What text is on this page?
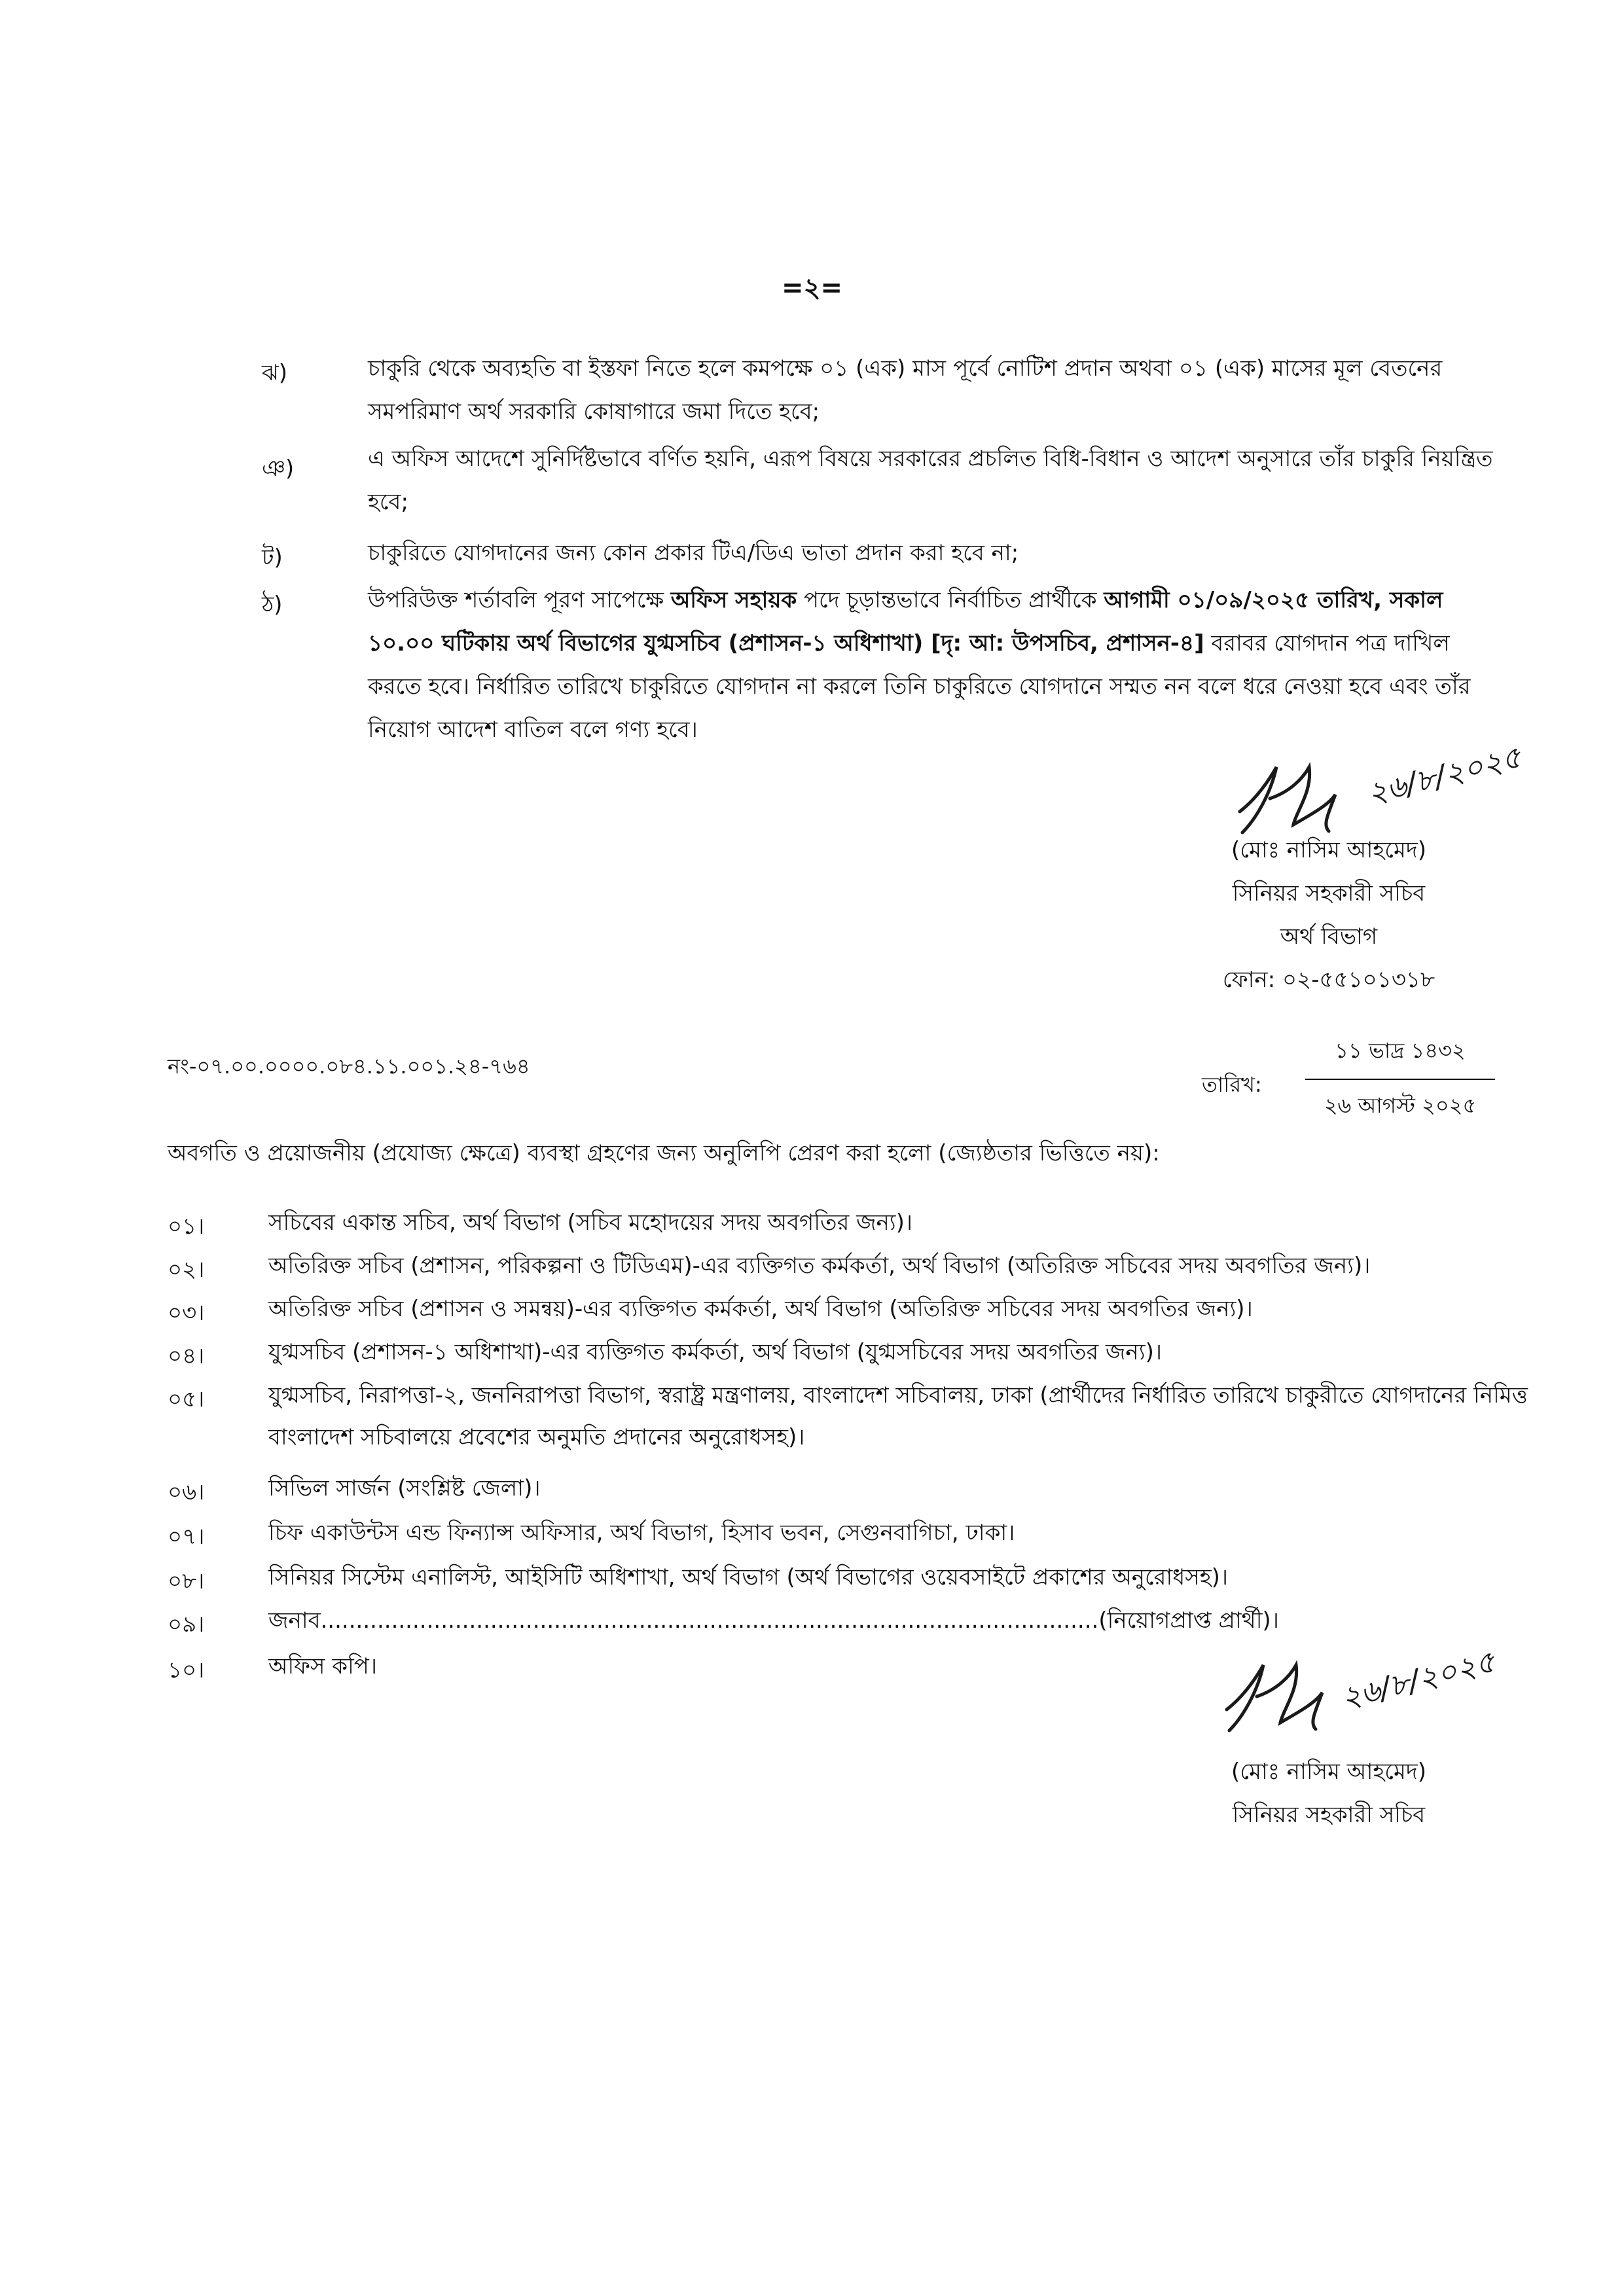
=২=
ঝ)	চাকুরি থেকে অব্যহতি বা ইস্তফা নিতে হলে কমপক্ষে ০১ (এক) মাস পূর্বে নোটিশ প্রদান অথবা ০১ (এক) মাসের মূল বেতনের সমপরিমাণ অর্থ সরকারি কোষাগারে জমা দিতে হবে;
ঞ)	এ অফিস আদেশে সুনির্দিষ্টভাবে বর্ণিত হয়নি, এরূপ বিষয়ে সরকারের প্রচলিত বিধি-বিধান ও আদেশ অনুসারে তাঁর চাকুরি নিয়ন্ত্রিত হবে;
ট)	চাকুরিতে যোগদানের জন্য কোন প্রকার টিএ/ডিএ ভাতা প্রদান করা হবে না;
ঠ)	উপরিউক্ত শর্তাবলি পূরণ সাপেক্ষে অফিস সহায়ক পদে চূড়ান্তভাবে নির্বাচিত প্রার্থীকে আগামী ০১/০৯/২০২৫ তারিখ, সকাল ১০.০০ ঘটিকায় অর্থ বিভাগের যুগ্মসচিব (প্রশাসন-১ অধিশাখা) [দৃ: আ: উপসচিব, প্রশাসন-৪] বরাবর যোগদান পত্র দাখিল করতে হবে। নির্ধারিত তারিখে চাকুরিতে যোগদান না করলে তিনি চাকুরিতে যোগদানে সম্মত নন বলে ধরে নেওয়া হবে এবং তাঁর নিয়োগ আদেশ বাতিল বলে গণ্য হবে।
২৬/৮/২০২৫
(মোঃ নাসিম আহমেদ)
সিনিয়র সহকারী সচিব
অর্থ বিভাগ
ফোন: ০২-৫৫১০১৩১৮
নং-০৭.০০.০০০০.০৮৪.১১.০০১.২৪-৭৬৪
তারিখ:
১১ ভাদ্র ১৪৩২
২৬ আগস্ট ২০২৫
অবগতি ও প্রয়োজনীয় (প্রযোজ্য ক্ষেত্রে) ব্যবস্থা গ্রহণের জন্য অনুলিপি প্রেরণ করা হলো (জ্যেষ্ঠতার ভিত্তিতে নয়):
০১।	সচিবের একান্ত সচিব, অর্থ বিভাগ (সচিব মহোদয়ের সদয় অবগতির জন্য)।
০২।	অতিরিক্ত সচিব (প্রশাসন, পরিকল্পনা ও টিডিএম)-এর ব্যক্তিগত কর্মকর্তা, অর্থ বিভাগ (অতিরিক্ত সচিবের সদয় অবগতির জন্য)।
০৩।	অতিরিক্ত সচিব (প্রশাসন ও সমন্বয়)-এর ব্যক্তিগত কর্মকর্তা, অর্থ বিভাগ (অতিরিক্ত সচিবের সদয় অবগতির জন্য)।
০৪।	যুগ্মসচিব (প্রশাসন-১ অধিশাখা)-এর ব্যক্তিগত কর্মকর্তা, অর্থ বিভাগ (যুগ্মসচিবের সদয় অবগতির জন্য)।
০৫।	যুগ্মসচিব, নিরাপত্তা-২, জননিরাপত্তা বিভাগ, স্বরাষ্ট্র মন্ত্রণালয়, বাংলাদেশ সচিবালয়, ঢাকা (প্রার্থীদের নির্ধারিত তারিখে চাকুরীতে যোগদানের নিমিত্ত বাংলাদেশ সচিবালয়ে প্রবেশের অনুমতি প্রদানের অনুরোধসহ)।
০৬।	সিভিল সার্জন (সংশ্লিষ্ট জেলা)।
০৭।	চিফ একাউন্টস এন্ড ফিন্যান্স অফিসার, অর্থ বিভাগ, হিসাব ভবন, সেগুনবাগিচা, ঢাকা।
০৮।	সিনিয়র সিস্টেম এনালিস্ট, আইসিটি অধিশাখা, অর্থ বিভাগ (অর্থ বিভাগের ওয়েবসাইটে প্রকাশের অনুরোধসহ)।
০৯।	জনাব..............................................................................................................(নিয়োগপ্রাপ্ত প্রার্থী)।
১০।	অফিস কপি।	২৬/৮/২০২৫
(মোঃ নাসিম আহমেদ)
সিনিয়র সহকারী সচিব
